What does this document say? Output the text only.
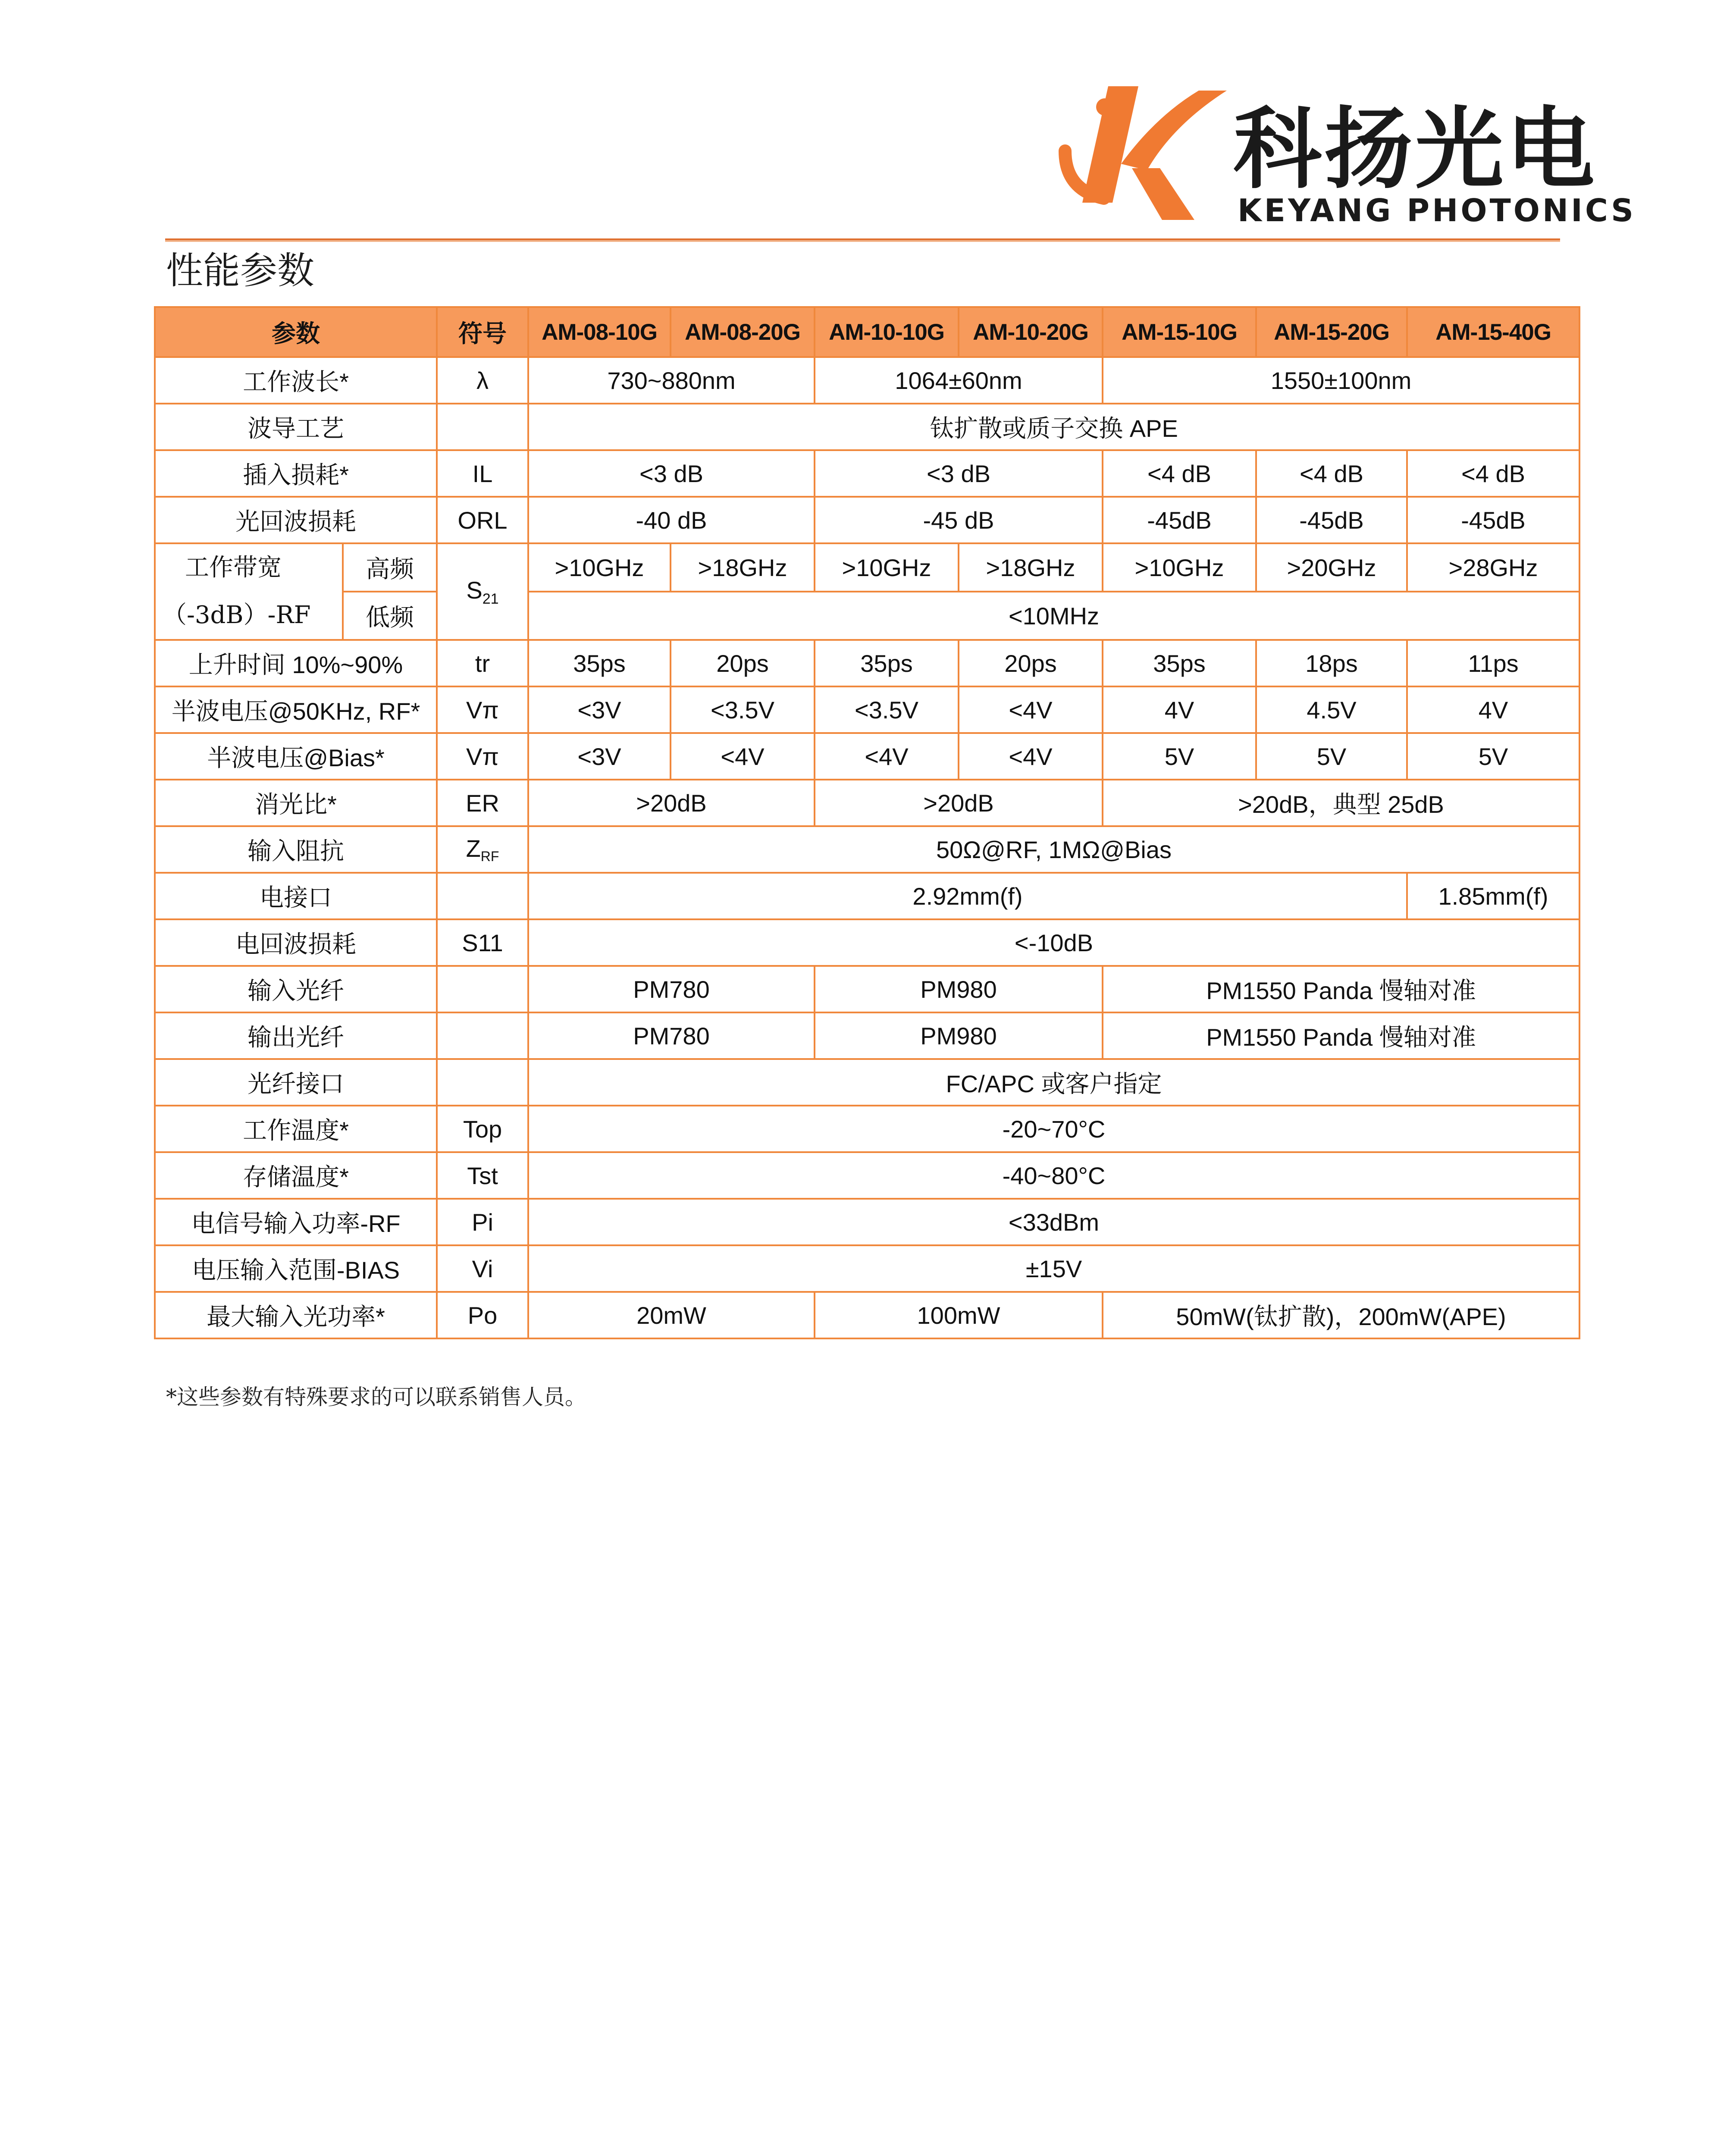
科扬光电
KEYANG PHOTONICS
性能参数
参数		符号	AM-08-10G	AM-08-20G	AM-10-10G	AM-10-20G	AM-15-10G	AM-15-20G	AM-15-40G
工作波长*		λ	730~880nm		1064±60nm		1550±100nm		
波导工艺			钛扩散或质子交换 APE						
插入损耗*		IL	<3 dB		<3 dB		<4 dB	<4 dB	<4 dB
光回波损耗		ORL	-40 dB		-45 dB		-45dB	-45dB	-45dB

工作带宽
（-3dB）-RF	高频	$S_{21}$	>10GHz	>18GHz	>10GHz	>18GHz	>10GHz	>20GHz	>28GHz
	低频		<10MHz						
上升时间 10%~90%		tr	35ps	20ps	35ps	20ps	35ps	18ps	11ps
半波电压@50KHz, RF*		Vπ	<3V	<3.5V	<3.5V	<4V	4V	4.5V	4V
半波电压@Bias*		Vπ	<3V	<4V	<4V	<4V	5V	5V	5V
消光比*		ER	>20dB		>20dB		>20dB，典型 25dB		
输入阻抗		ZRF	50Ω@RF, 1MΩ@Bias						
电接口			2.92mm(f)						1.85mm(f)
电回波损耗		S11	<-10dB						
输入光纤			PM780		PM980		PM1550 Panda 慢轴对准		
输出光纤			PM780		PM980		PM1550 Panda 慢轴对准		
光纤接口			FC/APC 或客户指定						
工作温度*		Top	-20~70°C						
存储温度*		Tst	-40~80°C						
电信号输入功率-RF		Pi	<33dBm						
电压输入范围-BIAS		Vi	±15V						
最大输入光功率*		Po	20mW		100mW		50mW(钛扩散)，200mW(APE)		
*这些参数有特殊要求的可以联系销售人员。
